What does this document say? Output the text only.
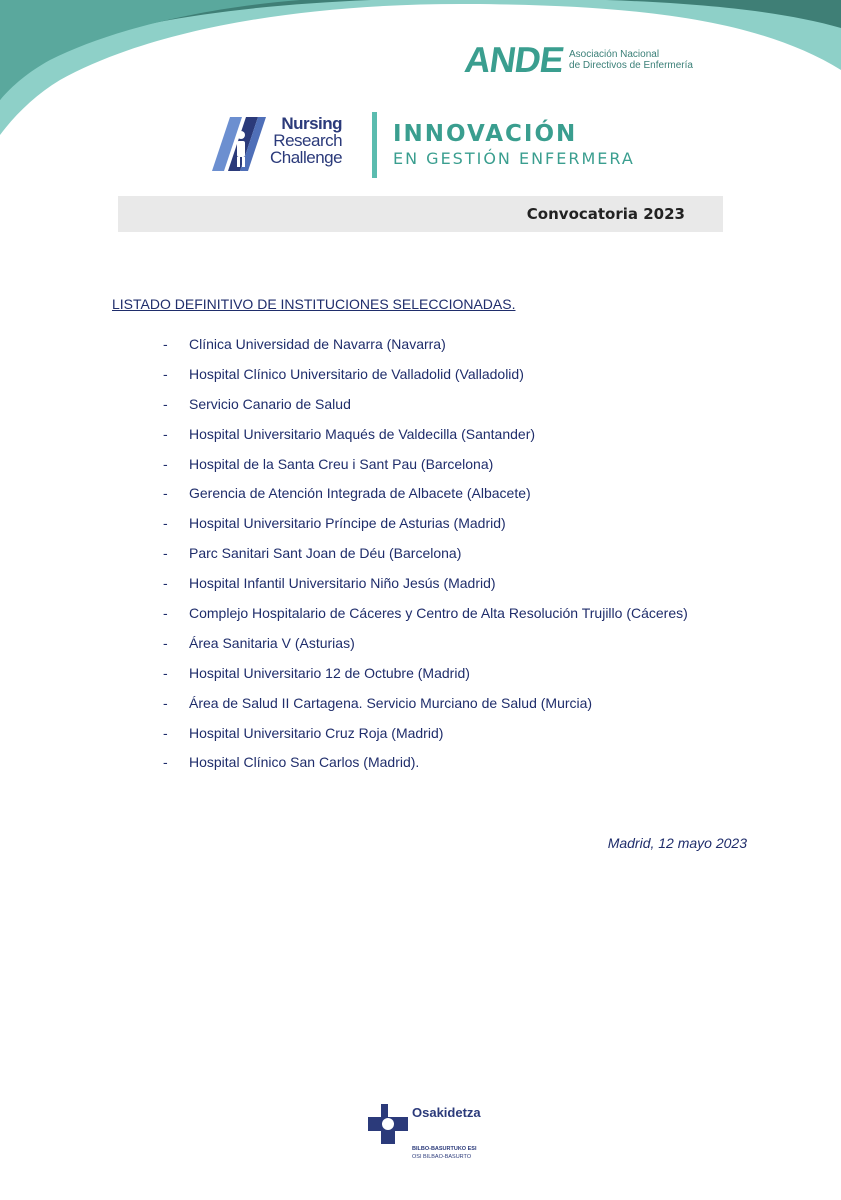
ANDE Asociación Nacional
de Directivos de Enfermería
Nursing
Research
Challenge
INNOVACIÓN
EN GESTIÓN ENFERMERA
Convocatoria 2023
LISTADO DEFINITIVO DE INSTITUCIONES SELECCIONADAS.
- Clínica Universidad de Navarra (Navarra)
- Hospital Clínico Universitario de Valladolid (Valladolid)
- Servicio Canario de Salud
- Hospital Universitario Maqués de Valdecilla (Santander)
- Hospital de la Santa Creu i Sant Pau (Barcelona)
- Gerencia de Atención Integrada de Albacete (Albacete)
- Hospital Universitario Príncipe de Asturias (Madrid)
- Parc Sanitari Sant Joan de Déu (Barcelona)
- Hospital Infantil Universitario Niño Jesús (Madrid)
- Complejo Hospitalario de Cáceres y Centro de Alta Resolución Trujillo (Cáceres)
- Área Sanitaria V (Asturias)
- Hospital Universitario 12 de Octubre (Madrid)
- Área de Salud II Cartagena. Servicio Murciano de Salud (Murcia)
- Hospital Universitario Cruz Roja (Madrid)
- Hospital Clínico San Carlos (Madrid).
Madrid, 12 mayo 2023
Osakidetza
BILBO-BASURTUKO ESI
OSI BILBAO-BASURTO
